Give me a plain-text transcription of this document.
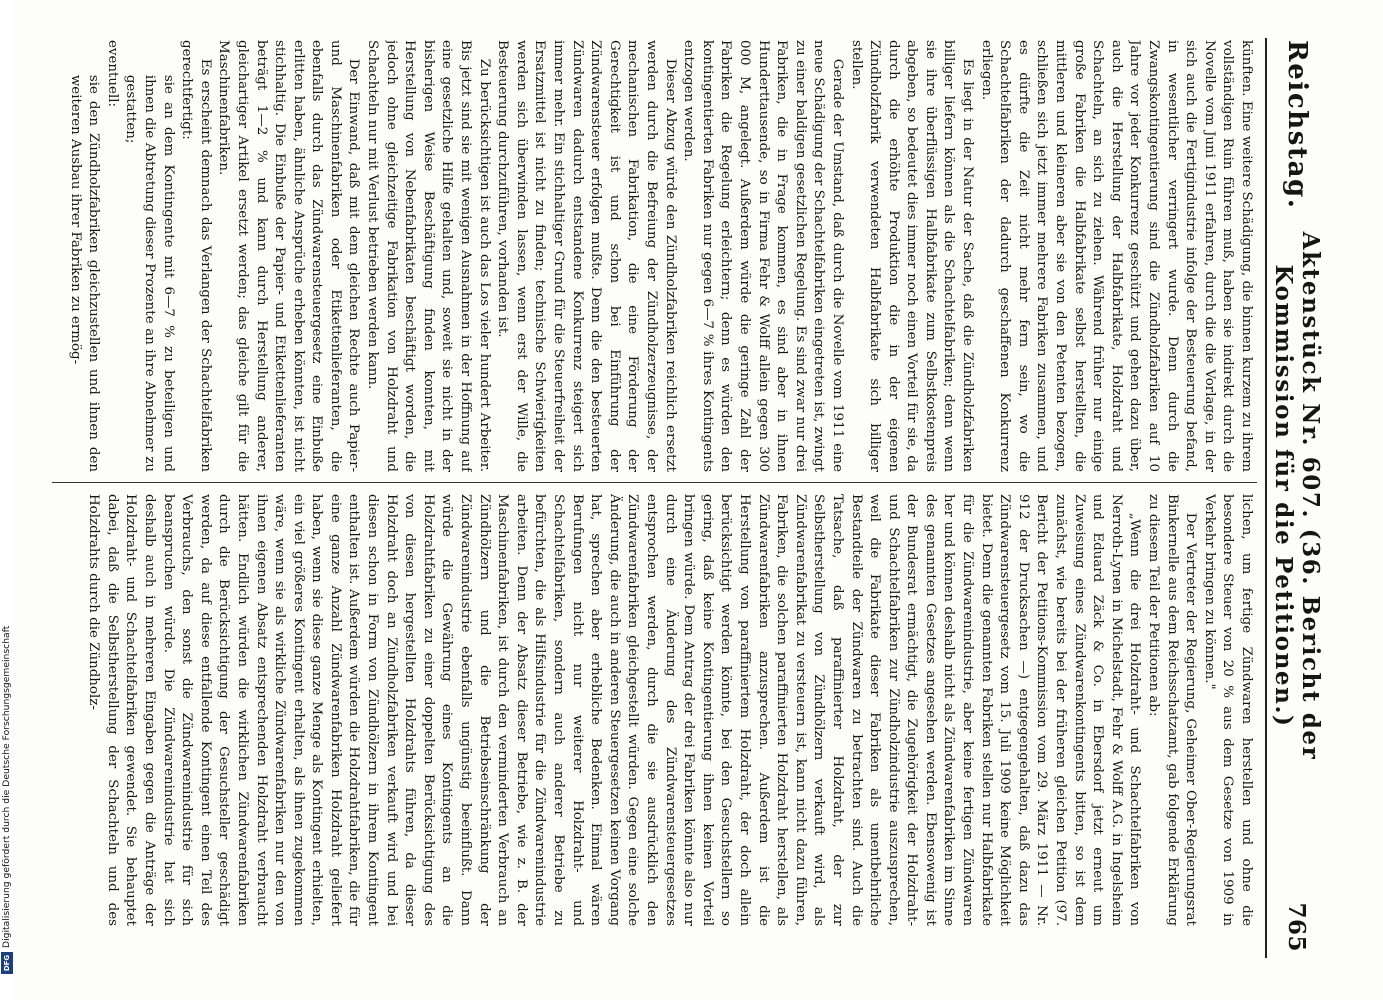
Reichstag.
Aktenstück Nr. 607. (36. Bericht der Kommission für die Petitionen.)
765

künften. Eine weitere Schädigung, die binnen kurzem zu ihrem vollständigen Ruin führen muß, haben sie indirekt durch die Novelle vom Juni 1911 erfahren, durch die die Vorlage, in der sich auch die Fertigindustrie infolge der Besteuerung befand, in wesentlicher verringert wurde. Denn durch die Zwangskontingentierung sind die Zündholzfabriken auf 10 Jahre vor jeder Konkurrenz geschützt und gehen dazu über, auch die Herstellung der Halbfabrikate, Holzdraht und Schachteln, an sich zu ziehen. Während früher nur einige große Fabriken die Halbfabrikate selbst herstellten, die mittleren und kleineren aber sie von den Petenten bezogen, schließen sich jetzt immer mehrere Fabriken zusammen, und es dürfte die Zeit nicht mehr fern sein, wo die Schachtelfabriken der dadurch geschaffenen Konkurrenz erliegen.

Es liegt in der Natur der Sache, daß die Zündholzfabriken billiger liefern können als die Schachtelfabriken; denn wenn sie ihre überflüssigen Halbfabrikate zum Selbstkostenpreis abgeben, so bedeutet dies immer noch einen Vorteil für sie, da durch die erhöhte Produktion die in der eigenen Zündholzfabrik verwendeten Halbfabrikate sich billiger stellen.

Gerade der Umstand, daß durch die Novelle vom 1911 eine neue Schädigung der Schachtelfabriken eingetreten ist, zwingt zu einer baldigen gesetzlichen Regelung. Es sind zwar nur drei Fabriken, die in Frage kommen, es sind aber in ihnen Hunderttausende, so in Firma Fehr & Wolff allein gegen 300 000 M, angelegt. Außerdem würde die geringe Zahl der Fabriken die Regelung erleichtern; denn es würden den kontingentierten Fabriken nur gegen 6—7 % ihres Kontingents entzogen werden.

Dieser Abzug würde den Zündholzfabriken reichlich ersetzt werden durch die Befreiung der Zündholzerzeugnisse, der mechanischen Fabrikation, die eine Förderung der Gerechtigkeit ist und schon bei Einführung der Zündwarensteuer erfolgen mußte. Denn die den besteuerten Zündwaren dadurch entstandene Konkurrenz steigert sich immer mehr. Ein stichhaltiger Grund für die Steuerfreiheit der Ersatzmittel ist nicht zu finden; technische Schwierigkeiten werden sich überwinden lassen, wenn erst der Wille, die Besteuerung durchzuführen, vorhanden ist.

Zu berücksichtigen ist auch das Los vieler hundert Arbeiter. Bis jetzt sind sie mit wenigen Ausnahmen in der Hoffnung auf eine gesetzliche Hilfe gehalten und, soweit sie nicht in der bisherigen Weise Beschäftigung finden konnten, mit Herstellung von Nebenfabrikaten beschäftigt worden, die jedoch ohne gleichzeitige Fabrikation von Holzdraht und Schachteln nur mit Verlust betrieben werden kann.

Der Einwand, daß mit dem gleichen Rechte auch Papier- und Maschinenfabriken oder Etikettenlieferanten, die ebenfalls durch das Zündwarensteuergesetz eine Einbuße erlitten haben, ähnliche Ansprüche erheben könnten, ist nicht stichhaltig. Die Einbuße der Papier- und Etikettenlieferanten beträgt 1—2 % und kann durch Herstellung anderer, gleichartiger Artikel ersetzt werden; das gleiche gilt für die Maschinenfabriken.

Es erscheint demnach das Verlangen der Schachtelfabriken gerechtfertigt:

sie an dem Kontingente mit 6—7 % zu beteiligen und ihnen die Abtretung dieser Prozente an ihre Abnehmer zu gestatten;

eventuell:

sie den Zündholzfabriken gleichzustellen und ihnen den weiteren Ausbau ihrer Fabriken zu ermög-

lichen, um fertige Zündwaren herstellen und ohne die besondere Steuer von 20 % aus dem Gesetze von 1909 in Verkehr bringen zu können."

Der Vertreter der Regierung, Geheimer Ober-Regierungsrat Binkernelle aus dem Reichsschatzamt, gab folgende Erklärung zu diesem Teil der Petitionen ab:

„Wenn die drei Holzdraht- und Schachtelfabriken von Nerroth-Lynen in Michelstadt, Fehr & Wolff A.G. in Ingelsheim und Eduard Zäck & Co. in Ebersdorf jetzt erneut um Zuweisung eines Zündwarenkontingents bitten, so ist dem zunächst, wie bereits bei der früheren gleichen Petition (97. Bericht der Petitions-Kommission vom 29. März 1911 — Nr. 912 der Drucksachen —) entgegengehalten, daß dazu das Zündwarensteuergesetz vom 15. Juli 1909 keine Möglichkeit bietet. Denn die genannten Fabriken stellen nur Halbfabrikate für die Zündwarenindustrie, aber keine fertigen Zündwaren her und können deshalb nicht als Zündwarenfabriken im Sinne des genannten Gesetzes angesehen werden. Ebensowenig ist der Bundesrat ermächtigt, die Zugehörigkeit der Holzdraht- und Schachtelfabriken zur Zündholzindustrie auszusprechen, weil die Fabrikate dieser Fabriken als unentbehrliche Bestandteile der Zündwaren zu betrachten sind. Auch die Tatsache, daß paraffinierter Holzdraht, der zur Selbstherstellung von Zündhölzern verkauft wird, als Zündwarenfabrikat zu versteuern ist, kann nicht dazu führen, Fabriken, die solchen paraffinierten Holzdraht herstellen, als Zündwarenfabriken anzusprechen. Außerdem ist die Herstellung von paraffiniertem Holzdraht, der doch allein berücksichtigt werden könnte, bei den Gesuchstellern so gering, daß keine Kontingentierung ihnen keinen Vorteil bringen würde. Dem Antrag der drei Fabriken könnte also nur durch eine Änderung des Zündwarensteuergesetzes entsprochen werden, durch die sie ausdrücklich den Zündwarenfabriken gleichgestellt würden. Gegen eine solche Änderung, die auch in anderen Steuergesetzen keinen Vorgang hat, sprechen aber erhebliche Bedenken. Einmal wären Berufungen nicht nur weiterer Holzdraht- und Schachtelfabriken, sondern auch anderer Betriebe zu befürchten, die als Hilfsindustrie für die Zündwarenindustrie arbeiten. Denn der Absatz dieser Betriebe, wie z. B. der Maschinenfabriken, ist durch den verminderten Verbrauch an Zündhölzern und die Betriebseinschränkung der Zündwarenindustrie ebenfalls ungünstig beeinflußt. Dann würde die Gewährung eines Kontingents an die Holzdrahtfabriken zu einer doppelten Berücksichtigung des von diesen hergestellten Holzdrahts führen, da dieser Holzdraht doch an Zündholzfabriken verkauft wird und bei diesen schon in Form von Zündhölzern in ihrem Kontingent enthalten ist. Außerdem würden die Holzdrahtfabriken, die für eine ganze Anzahl Zündwarenfabriken Holzdraht geliefert haben, wenn sie diese ganze Menge als Kontingent erhielten, ein viel größeres Kontingent erhalten, als ihnen zugekommen wäre, wenn sie als wirkliche Zündwarenfabriken nur den von ihnen eigenen Absatz entsprechenden Holzdraht verbraucht hätten. Endlich würden die wirklichen Zündwarenfabriken durch die Berücksichtigung der Gesuchsteller geschädigt werden, da auf diese entfallende Kontingent einen Teil des Verbrauchs, den sonst die Zündwarenindustrie für sich beanspruchen würde. Die Zündwarenindustrie hat sich deshalb auch in mehreren Eingaben gegen die Anträge der Holzdraht- und Schachtelfabriken gewendet. Sie behauptet dabei, daß die Selbstherstellung der Schachteln und des Holzdrahts durch die Zündholz-

DFG
Digitalisierung gefördert durch die Deutsche Forschungsgemeinschaft
